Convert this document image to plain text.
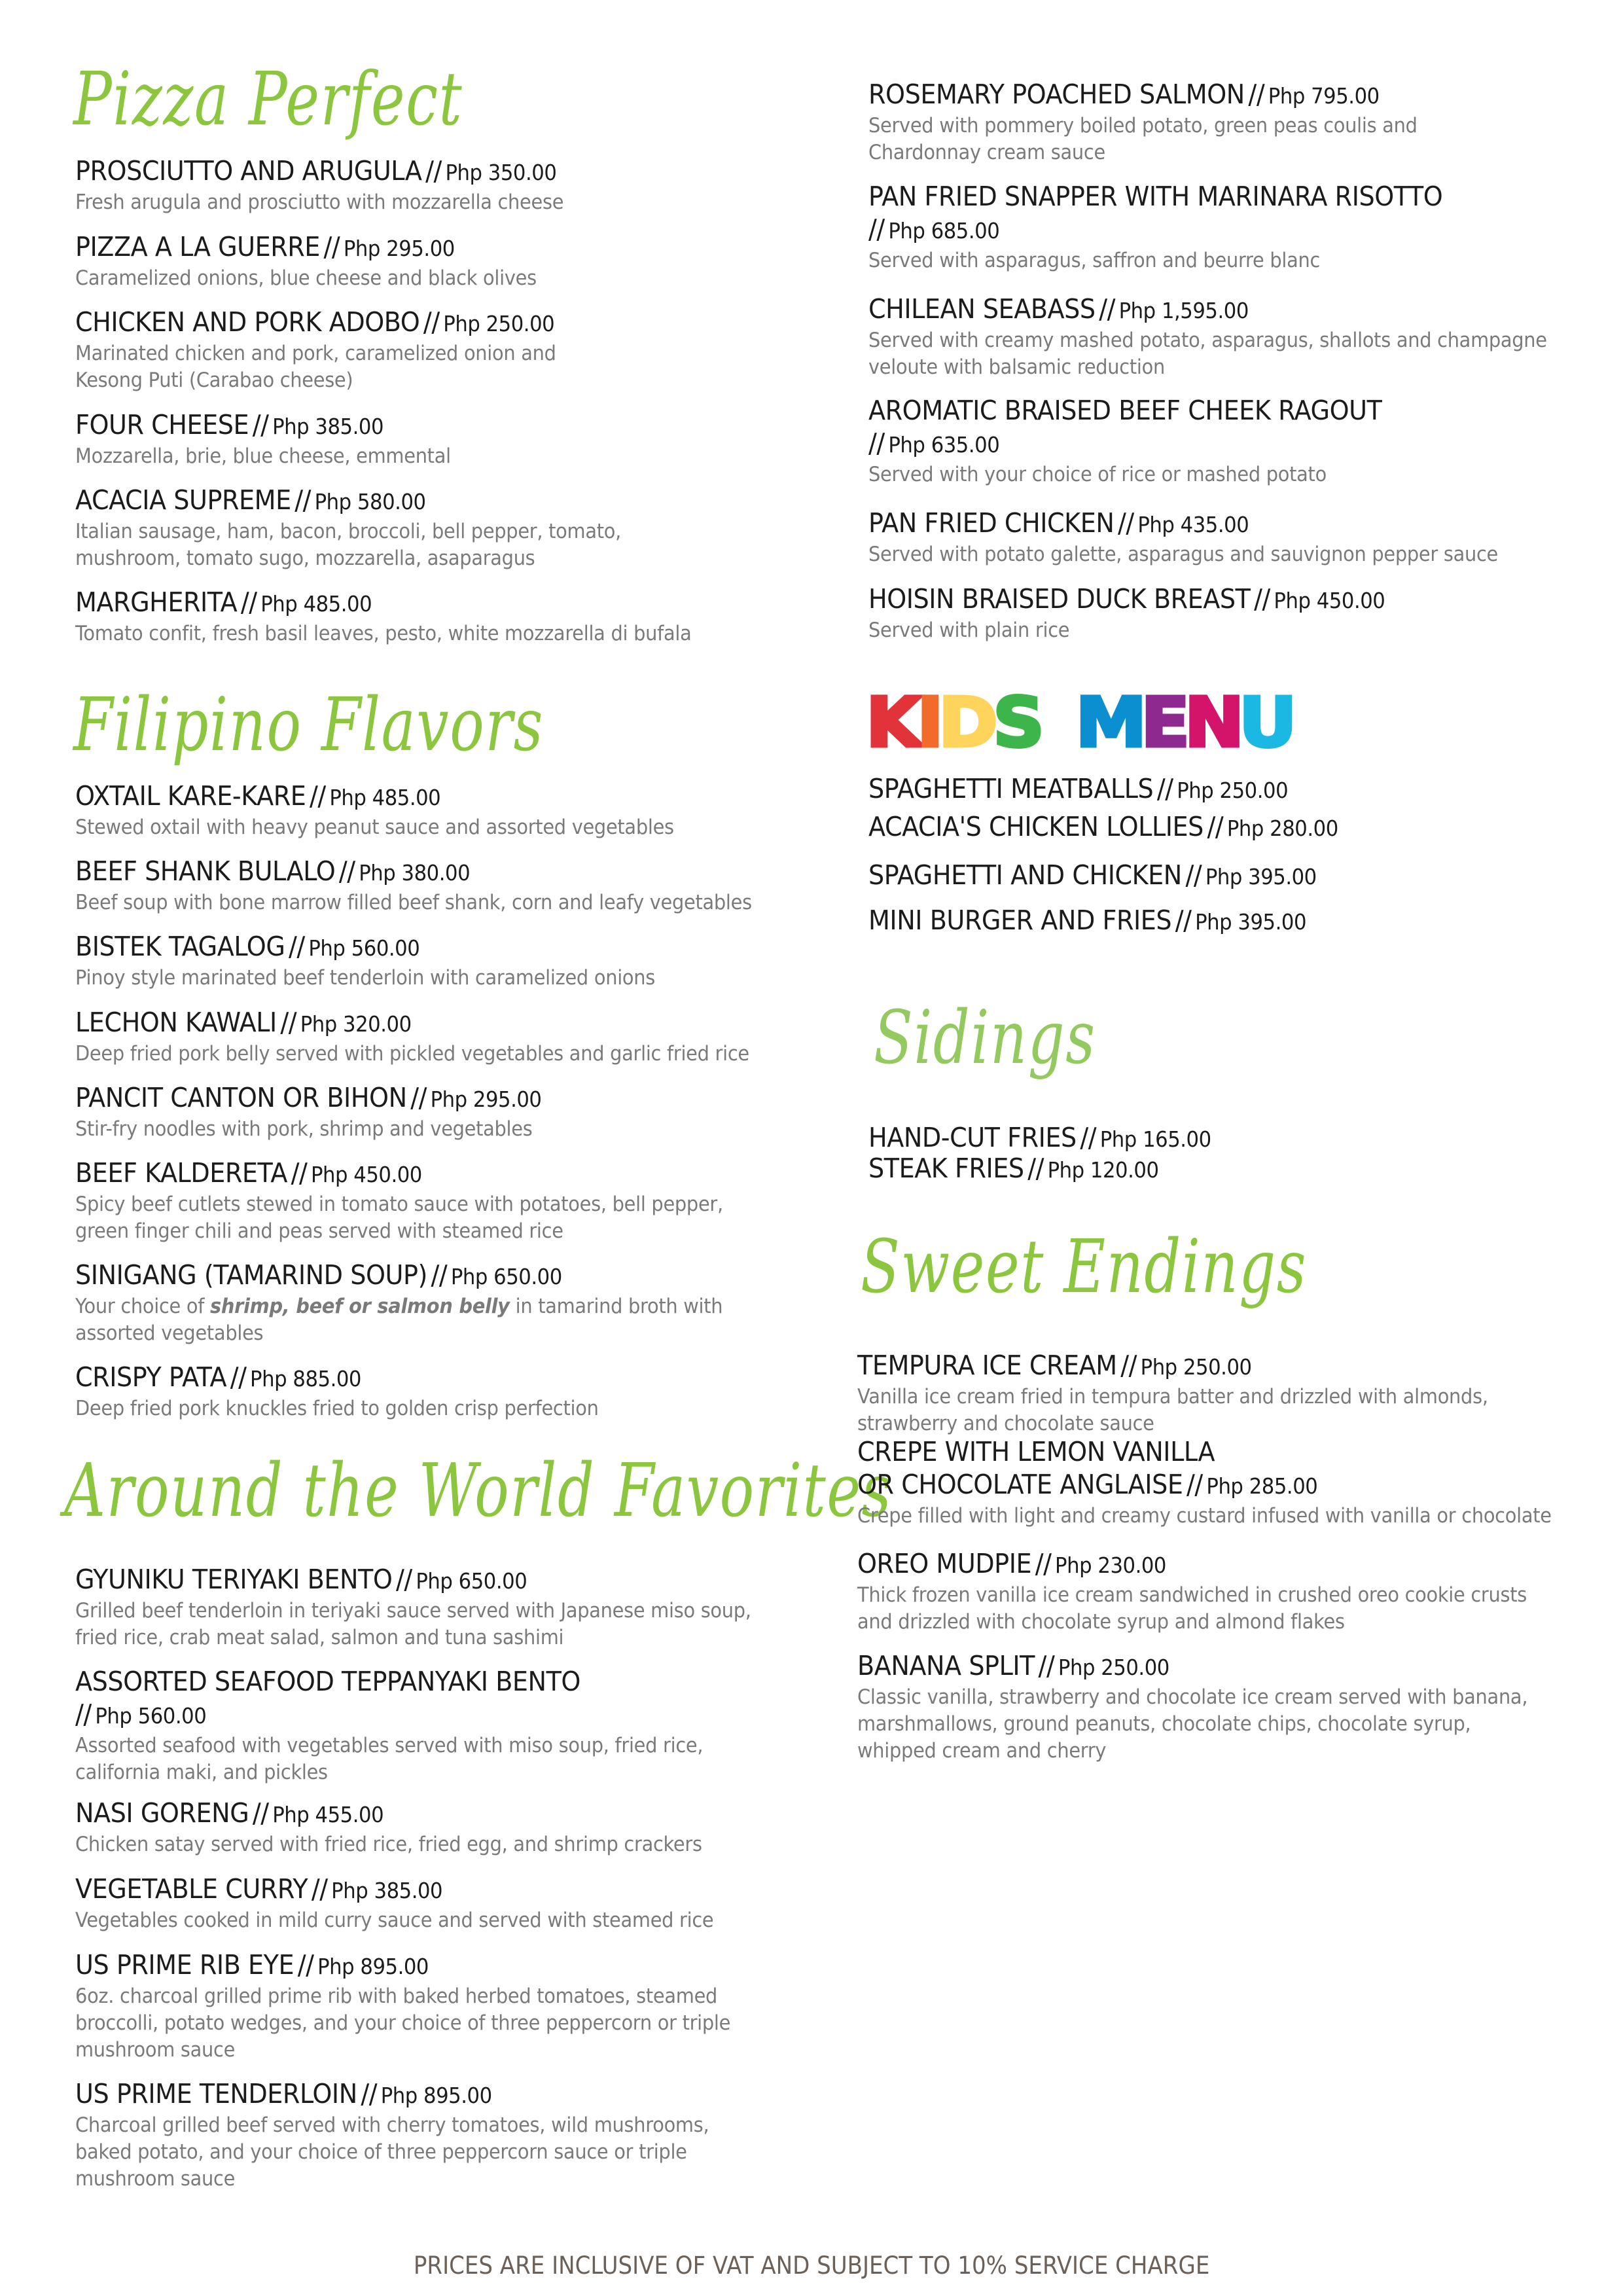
Pizza Perfect
PROSCIUTTO AND ARUGULA // Php 350.00
Fresh arugula and prosciutto with mozzarella cheese
PIZZA A LA GUERRE // Php 295.00
Caramelized onions, blue cheese and black olives
CHICKEN AND PORK ADOBO // Php 250.00
Marinated chicken and pork, caramelized onion and
Kesong Puti (Carabao cheese)
FOUR CHEESE // Php 385.00
Mozzarella, brie, blue cheese, emmental
ACACIA SUPREME // Php 580.00
Italian sausage, ham, bacon, broccoli, bell pepper, tomato,
mushroom, tomato sugo, mozzarella, asaparagus
MARGHERITA // Php 485.00
Tomato confit, fresh basil leaves, pesto, white mozzarella di bufala
Filipino Flavors
OXTAIL KARE-KARE // Php 485.00
Stewed oxtail with heavy peanut sauce and assorted vegetables
BEEF SHANK BULALO // Php 380.00
Beef soup with bone marrow filled beef shank, corn and leafy vegetables
BISTEK TAGALOG // Php 560.00
Pinoy style marinated beef tenderloin with caramelized onions
LECHON KAWALI // Php 320.00
Deep fried pork belly served with pickled vegetables and garlic fried rice
PANCIT CANTON OR BIHON // Php 295.00
Stir-fry noodles with pork, shrimp and vegetables
BEEF KALDERETA // Php 450.00
Spicy beef cutlets stewed in tomato sauce with potatoes, bell pepper,
green finger chili and peas served with steamed rice
SINIGANG (TAMARIND SOUP) // Php 650.00
Your choice of shrimp, beef or salmon belly in tamarind broth with
assorted vegetables
CRISPY PATA // Php 885.00
Deep fried pork knuckles fried to golden crisp perfection
Around the World Favorites
GYUNIKU TERIYAKI BENTO // Php 650.00
Grilled beef tenderloin in teriyaki sauce served with Japanese miso soup,
fried rice, crab meat salad, salmon and tuna sashimi
ASSORTED SEAFOOD TEPPANYAKI BENTO
// Php 560.00
Assorted seafood with vegetables served with miso soup, fried rice,
california maki, and pickles
NASI GORENG // Php 455.00
Chicken satay served with fried rice, fried egg, and shrimp crackers
VEGETABLE CURRY // Php 385.00
Vegetables cooked in mild curry sauce and served with steamed rice
US PRIME RIB EYE // Php 895.00
6oz. charcoal grilled prime rib with baked herbed tomatoes, steamed
broccolli, potato wedges, and your choice of three peppercorn or triple
mushroom sauce
US PRIME TENDERLOIN // Php 895.00
Charcoal grilled beef served with cherry tomatoes, wild mushrooms,
baked potato, and your choice of three peppercorn sauce or triple
mushroom sauce
ROSEMARY POACHED SALMON // Php 795.00
Served with pommery boiled potato, green peas coulis and
Chardonnay cream sauce
PAN FRIED SNAPPER WITH MARINARA RISOTTO
// Php 685.00
Served with asparagus, saffron and beurre blanc
CHILEAN SEABASS // Php 1,595.00
Served with creamy mashed potato, asparagus, shallots and champagne
veloute with balsamic reduction
AROMATIC BRAISED BEEF CHEEK RAGOUT
// Php 635.00
Served with your choice of rice or mashed potato
PAN FRIED CHICKEN // Php 435.00
Served with potato galette, asparagus and sauvignon pepper sauce
HOISIN BRAISED DUCK BREAST // Php 450.00
Served with plain rice
K
I
D
S M
E
N
U
SPAGHETTI MEATBALLS // Php 250.00
ACACIA'S CHICKEN LOLLIES // Php 280.00
SPAGHETTI AND CHICKEN // Php 395.00
MINI BURGER AND FRIES // Php 395.00
Sidings
HAND-CUT FRIES // Php 165.00
STEAK FRIES // Php 120.00
Sweet Endings
TEMPURA ICE CREAM // Php 250.00
Vanilla ice cream fried in tempura batter and drizzled with almonds,
strawberry and chocolate sauce
CREPE WITH LEMON VANILLA
OR CHOCOLATE ANGLAISE // Php 285.00
Crepe filled with light and creamy custard infused with vanilla or chocolate
OREO MUDPIE // Php 230.00
Thick frozen vanilla ice cream sandwiched in crushed oreo cookie crusts
and drizzled with chocolate syrup and almond flakes
BANANA SPLIT // Php 250.00
Classic vanilla, strawberry and chocolate ice cream served with banana,
marshmallows, ground peanuts, chocolate chips, chocolate syrup,
whipped cream and cherry
PRICES ARE INCLUSIVE OF VAT AND SUBJECT TO 10% SERVICE CHARGE
